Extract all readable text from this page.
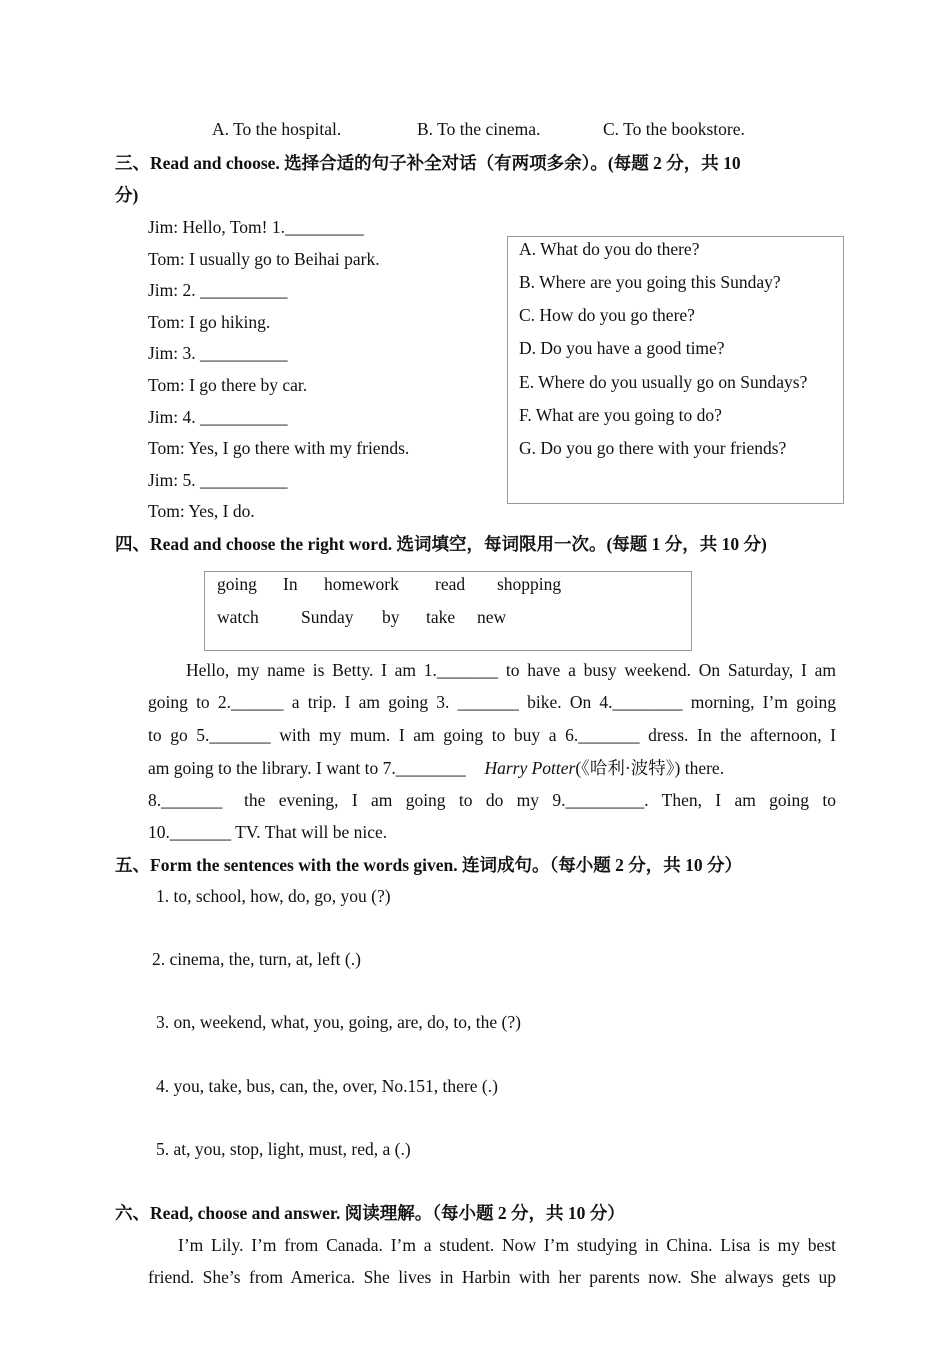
A. To the hospital.	B. To the cinema.	C. To the bookstore.
三、Read and choose. 选择合适的句子补全对话（有两项多余）。(每题 2 分，共 10
分)
Jim: Hello, Tom! 1._________
Tom: I usually go to Beihai park.
Jim: 2. __________
Tom: I go hiking.
Jim: 3. __________
Tom: I go there by car.
Jim: 4. __________
Tom: Yes, I go there with my friends.
Jim: 5. __________
Tom: Yes, I do.
A. What do you do there?
B. Where are you going this Sunday?
C. How do you go there?
D. Do you have a good time?
E. Where do you usually go on Sundays?
F. What are you going to do?
G. Do you go there with your friends?
四、Read and choose the right word. 选词填空，每词限用一次。(每题 1 分，共 10 分)
going In homework read shopping
watch Sunday by take new
Hello, my name is Betty. I am 1._______ to have a busy weekend. On Saturday, I am
going to 2.______ a trip. I am going 3. _______ bike. On 4.________ morning, I’m going
to go 5._______ with my mum. I am going to buy a 6._______ dress. In the afternoon, I
am going to the library. I want to 7.________ Harry Potter(《哈利·波特》) there.
8._______ the evening, I am going to do my 9._________. Then, I am going to
10._______ TV. That will be nice.
五、Form the sentences with the words given. 连词成句。（每小题 2 分，共 10 分）
1. to, school, how, do, go, you (?)
2. cinema, the, turn, at, left (.)
3. on, weekend, what, you, going, are, do, to, the (?)
4. you, take, bus, can, the, over, No.151, there (.)
5. at, you, stop, light, must, red, a (.)
六、Read, choose and answer. 阅读理解。（每小题 2 分，共 10 分）
I’m Lily. I’m from Canada. I’m a student. Now I’m studying in China. Lisa is my best
friend. She’s from America. She lives in Harbin with her parents now. She always gets up
